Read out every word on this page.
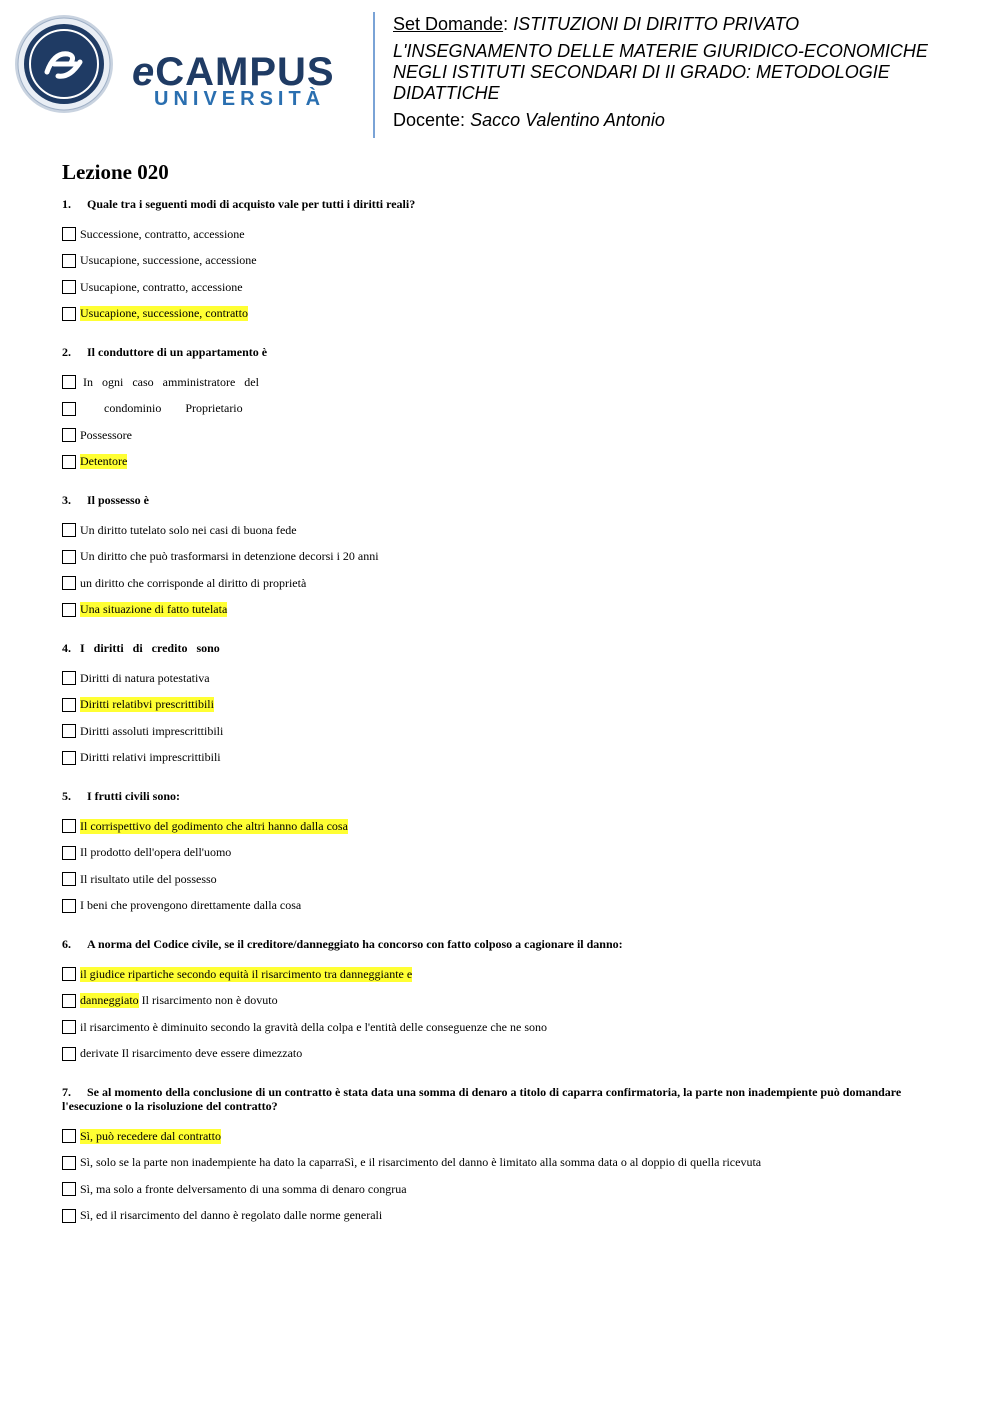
eCAMPUS
UNIVERSITÀ

Set Domande: ISTITUZIONI DI DIRITTO PRIVATO

L'INSEGNAMENTO DELLE MATERIE GIURIDICO-ECONOMICHE

NEGLI ISTITUTI SECONDARI DI II GRADO: METODOLOGIE

DIDATTICHE

Docente: Sacco Valentino Antonio

Lezione 020
1. Quale tra i seguenti modi di acquisto vale per tutti i diritti reali?
Successione, contratto, accessione
Usucapione, successione, accessione
Usucapione, contratto, accessione
Usucapione, successione, contratto
2. Il conduttore di un appartamento è
In ogni caso amministratore del
condominio        Proprietario
Possessore
Detentore
3. Il possesso è
Un diritto tutelato solo nei casi di buona fede
Un diritto che può trasformarsi in detenzione decorsi i 20 anni
un diritto che corrisponde al diritto di proprietà
Una situazione di fatto tutelata
4. I diritti di credito sono
Diritti di natura potestativa
Diritti relatibvi prescrittibili
Diritti assoluti imprescrittibili
Diritti relativi imprescrittibili
5. I frutti civili sono:
Il corrispettivo del godimento che altri hanno dalla cosa
Il prodotto dell'opera dell'uomo
Il risultato utile del possesso
I beni che provengono direttamente dalla cosa
6. A norma del Codice civile, se il creditore/danneggiato ha concorso con fatto colposo a cagionare il danno:
il giudice ripartiche secondo equità il risarcimento tra danneggiante e
danneggiato Il risarcimento non è dovuto
il risarcimento è diminuito secondo la gravità della colpa e l'entità delle conseguenze che ne sono
derivate Il risarcimento deve essere dimezzato
7. Se al momento della conclusione di un contratto è stata data una somma di denaro a titolo di caparra confirmatoria, la parte non inadempiente può domandare l'esecuzione o la risoluzione del contratto?
Sì, può recedere dal contratto
Sì, solo se la parte non inadempiente ha dato la caparraSì, e il risarcimento del danno è limitato alla somma data o al doppio di quella ricevuta
Sì, ma solo a fronte delversamento di una somma di denaro congrua
Sì, ed il risarcimento del danno è regolato dalle norme generali
